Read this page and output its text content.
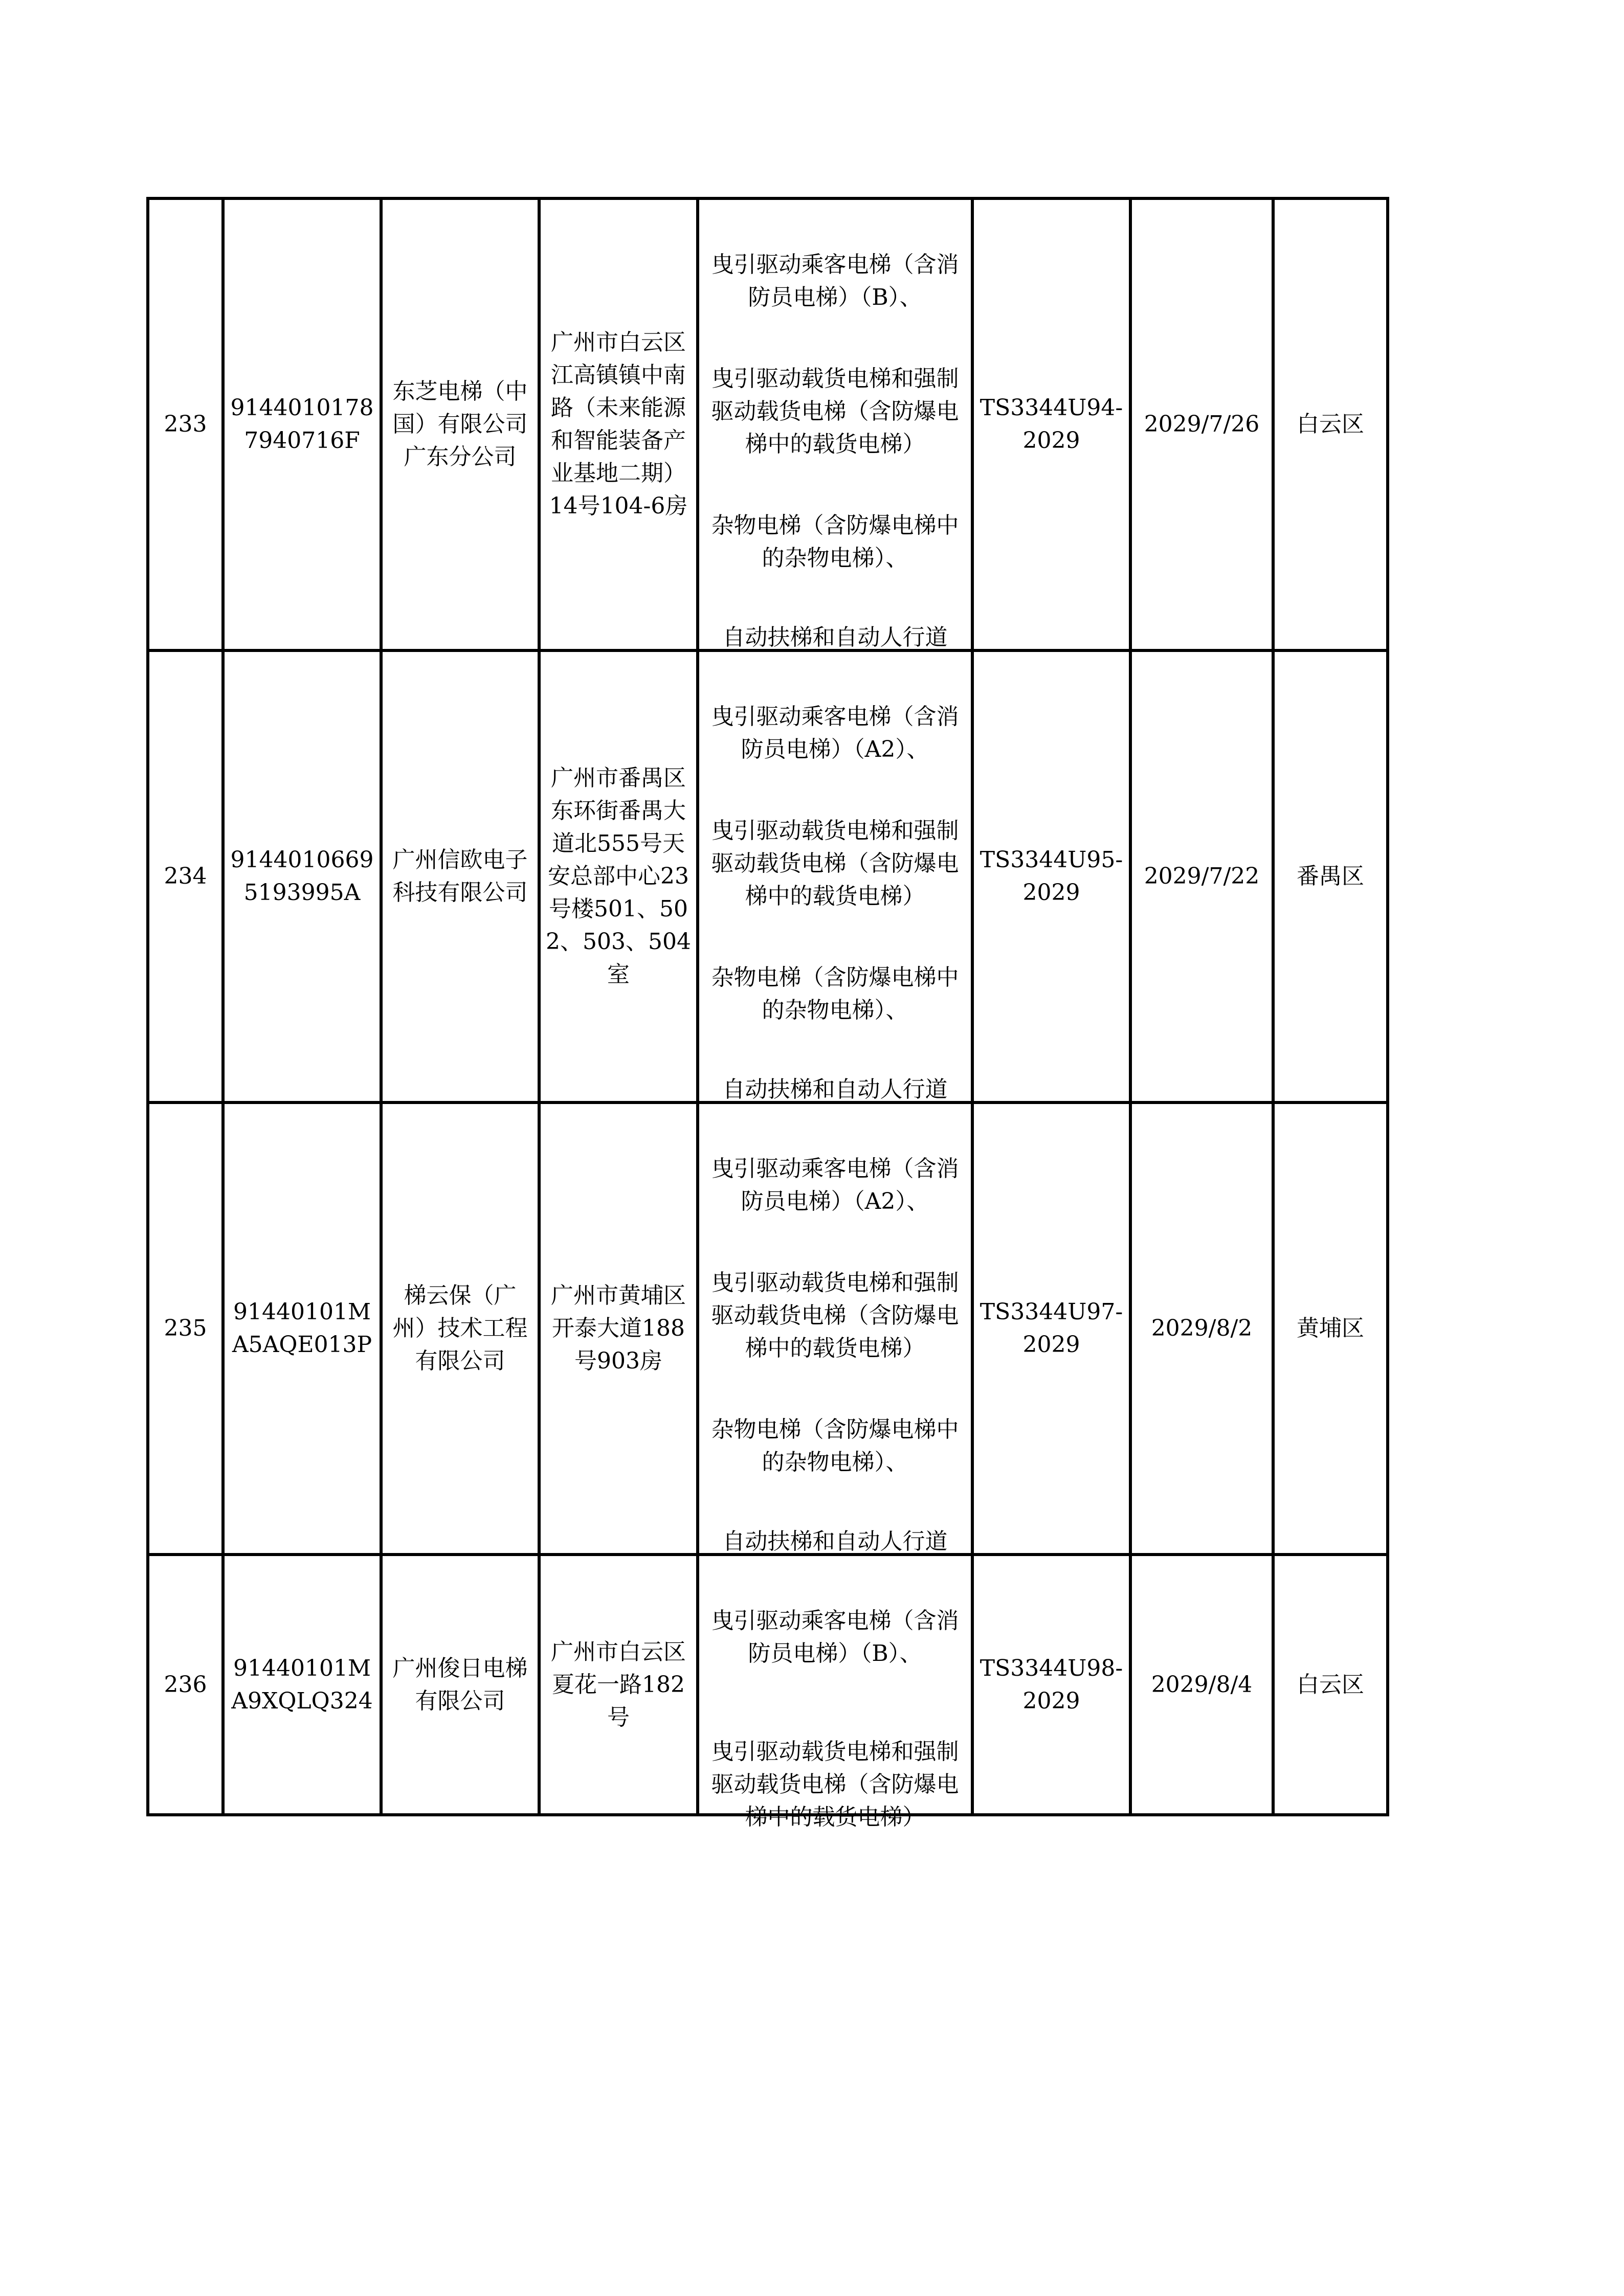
233	91440101787940716F	东芝电梯（中国）有限公司广东分公司	广州市白云区江高镇镇中南路（未来能源和智能装备产业基地二期）14号104-6房	曳引驱动乘客电梯（含消防员电梯）（B）、
曳引驱动载货电梯和强制驱动载货电梯（含防爆电梯中的载货电梯）
杂物电梯（含防爆电梯中的杂物电梯）、
自动扶梯和自动人行道	TS3344U94-2029	2029/7/26	白云区
234	91440106695193995A	广州信欧电子科技有限公司	广州市番禺区东环街番禺大道北555号天安总部中心23号楼501、502、503、504室	曳引驱动乘客电梯（含消防员电梯）（A2）、
曳引驱动载货电梯和强制驱动载货电梯（含防爆电梯中的载货电梯）
杂物电梯（含防爆电梯中的杂物电梯）、
自动扶梯和自动人行道	TS3344U95-2029	2029/7/22	番禺区
235	91440101MA5AQE013P	梯云保（广州）技术工程有限公司	广州市黄埔区开泰大道188号903房	曳引驱动乘客电梯（含消防员电梯）（A2）、
曳引驱动载货电梯和强制驱动载货电梯（含防爆电梯中的载货电梯）
杂物电梯（含防爆电梯中的杂物电梯）、
自动扶梯和自动人行道	TS3344U97-2029	2029/8/2	黄埔区
236	91440101MA9XQLQ324	广州俊日电梯有限公司	广州市白云区夏花一路182号	曳引驱动乘客电梯（含消防员电梯）（B）、
曳引驱动载货电梯和强制驱动载货电梯（含防爆电梯中的载货电梯）	TS3344U98-2029	2029/8/4	白云区
